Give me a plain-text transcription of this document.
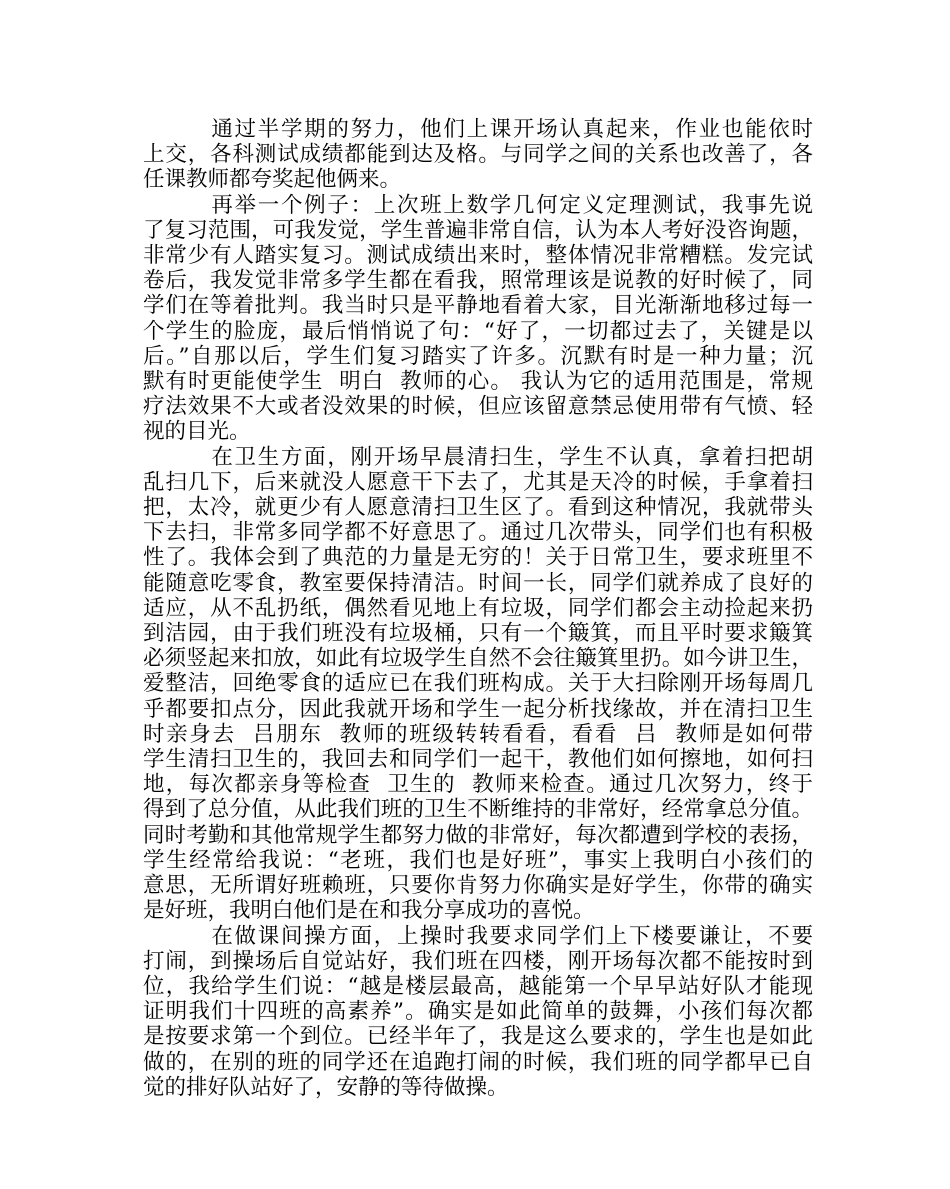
通过半学期的努力，他们上课开场认真起来，作业也能依时
上交，各科测试成绩都能到达及格。与同学之间的关系也改善了，各
任课教师都夸奖起他俩来。

再举一个例子：上次班上数学几何定义定理测试，我事先说
了复习范围，可我发觉，学生普遍非常自信，认为本人考好没咨询题，
非常少有人踏实复习。测试成绩出来时，整体情况非常糟糕。发完试
卷后，我发觉非常多学生都在看我，照常理该是说教的好时候了，同
学们在等着批判。我当时只是平静地看着大家，目光渐渐地移过每一
个学生的脸庞，最后悄悄说了句：“好了，一切都过去了，关键是以
后。”自那以后，学生们复习踏实了许多。沉默有时是一种力量；沉
默有时更能使学生  明白  教师的心。 我认为它的适用范围是，常规
疗法效果不大或者没效果的时候，但应该留意禁忌使用带有气愤、轻
视的目光。

在卫生方面，刚开场早晨清扫生，学生不认真，拿着扫把胡
乱扫几下，后来就没人愿意干下去了，尤其是天冷的时候，手拿着扫
把，太冷，就更少有人愿意清扫卫生区了。看到这种情况，我就带头
下去扫，非常多同学都不好意思了。通过几次带头，同学们也有积极
性了。我体会到了典范的力量是无穷的！关于日常卫生，要求班里不
能随意吃零食，教室要保持清洁。时间一长，同学们就养成了良好的
适应，从不乱扔纸，偶然看见地上有垃圾，同学们都会主动捡起来扔
到洁园，由于我们班没有垃圾桶，只有一个簸箕，而且平时要求簸箕
必须竖起来扣放，如此有垃圾学生自然不会往簸箕里扔。如今讲卫生，
爱整洁，回绝零食的适应已在我们班构成。关于大扫除刚开场每周几
乎都要扣点分，因此我就开场和学生一起分析找缘故，并在清扫卫生
时亲身去  吕朋东  教师的班级转转看看，看看  吕  教师是如何带
学生清扫卫生的，我回去和同学们一起干，教他们如何擦地，如何扫
地，每次都亲身等检查  卫生的  教师来检查。通过几次努力，终于
得到了总分值，从此我们班的卫生不断维持的非常好，经常拿总分值。
同时考勤和其他常规学生都努力做的非常好，每次都遭到学校的表扬，
学生经常给我说：“老班，我们也是好班”，事实上我明白小孩们的
意思，无所谓好班赖班，只要你肯努力你确实是好学生，你带的确实
是好班，我明白他们是在和我分享成功的喜悦。

在做课间操方面，上操时我要求同学们上下楼要谦让，不要
打闹，到操场后自觉站好，我们班在四楼，刚开场每次都不能按时到
位，我给学生们说：“越是楼层最高，越能第一个早早站好队才能现
证明我们十四班的高素养”。确实是如此简单的鼓舞，小孩们每次都
是按要求第一个到位。已经半年了，我是这么要求的，学生也是如此
做的，在别的班的同学还在追跑打闹的时候，我们班的同学都早已自
觉的排好队站好了，安静的等待做操。
